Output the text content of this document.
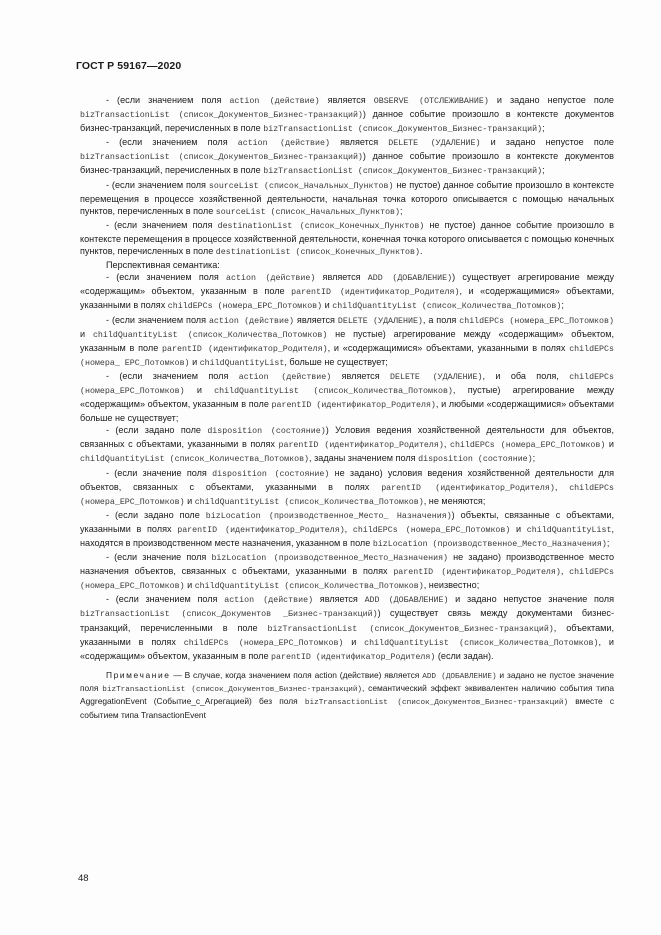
ГОСТ Р 59167—2020

- (если значением поля action (действие) является OBSERVE (ОТСЛЕЖИВАНИЕ) и задано непустое поле bizTransactionList (список_Документов_Бизнес-транзакций)) данное событие произошло в контексте документов бизнес-транзакций, перечисленных в поле bizTransactionList (список_Документов_Бизнес-транзакций);

- (если значением поля action (действие) является DELETE (УДАЛЕНИЕ) и задано непустое поле bizTransactionList (список_Документов_Бизнес-транзакций)) данное событие произошло в контексте документов бизнес-транзакций, перечисленных в поле bizTransactionList (список_Документов_Бизнес-транзакций);

- (если значением поля sourceList (список_Начальных_Пунктов) не пустое) данное событие произошло в контексте перемещения в процессе хозяйственной деятельности, начальная точка которого описывается с помощью начальных пунктов, перечисленных в поле sourceList (список_Начальных_Пунктов);

- (если значением поля destinationList (список_Конечных_Пунктов) не пустое) данное событие произошло в контексте перемещения в процессе хозяйственной деятельности, конечная точка которого описывается с помощью конечных пунктов, перечисленных в поле destinationList (список_Конечных_Пунктов).

Перспективная семантика:

- (если значением поля action (действие) является ADD (ДОБАВЛЕНИЕ)) существует агрегирование между «содержащим» объектом, указанным в поле parentID (идентификатор_Родителя), и «содержащимися» объектами, указанными в полях childEPCs (номера_EPC_Потомков) и childQuantityList (список_Количества_Потомков);

- (если значением поля action (действие) является DELETE (УДАЛЕНИЕ), а поля childEPCs (номера_EPC_Потомков) и childQuantityList (список_Количества_Потомков) не пустые) агрегирование между «содержащим» объектом, указанным в поле parentID (идентификатор_Родителя), и «содержащимися» объектами, указанными в полях childEPCs (номера_ EPC_Потомков) и childQuantityList, больше не существует;

- (если значением поля action (действие) является DELETE (УДАЛЕНИЕ), и оба поля, childEPCs (номера_EPC_Потомков) и childQuantityList (список_Количества_Потомков), пустые) агрегирование между «содержащим» объектом, указанным в поле parentID (идентификатор_Родителя), и любыми «содержащимися» объектами больше не существует;

- (если задано поле disposition (состояние)) Условия ведения хозяйственной деятельности для объектов, связанных с объектами, указанными в полях parentID (идентификатор_Родителя), childEPCs (номера_EPC_Потомков) и childQuantityList (список_Количества_Потомков), заданы значением поля disposition (состояние);

- (если значение поля disposition (состояние) не задано) условия ведения хозяйственной деятельности для объектов, связанных с объектами, указанными в полях parentID (идентификатор_Родителя), childEPCs (номера_EPC_Потомков) и childQuantityList (список_Количества_Потомков), не меняются;

- (если задано поле bizLocation (производственное_Место_ Назначения)) объекты, связанные с объектами, указанными в полях parentID (идентификатор_Родителя), childEPCs (номера_EPC_Потомков) и childQuantityList, находятся в производственном месте назначения, указанном в поле bizLocation (производственное_Место_Назначения);

- (если значение поля bizLocation (производственное_Место_Назначения) не задано) производственное место назначения объектов, связанных с объектами, указанными в полях parentID (идентификатор_Родителя), childEPCs (номера_EPC_Потомков) и childQuantityList (список_Количества_Потомков), неизвестно;

- (если значением поля action (действие) является ADD (ДОБАВЛЕНИЕ) и задано непустое значение поля bizTransactionList (список_Документов _Бизнес-транзакций)) существует связь между документами бизнес-транзакций, перечисленными в поле bizTransactionList (список_Документов_Бизнес-транзакций), объектами, указанными в полях childEPCs (номера_EPC_Потомков) и childQuantityList (список_Количества_Потомков), и «содержащим» объектом, указанным в поле parentID (идентификатор_Родителя) (если задан).

Примечание — В случае, когда значением поля action (действие) является ADD (ДОБАВЛЕНИЕ) и задано не пустое значение поля bizTransactionList (список_Документов_Бизнес-транзакций), семантический эффект эквивалентен наличию события типа AggregationEvent (Событие_с_Агрегацией) без поля bizTransactionList (список_Документов_Бизнес-транзакций) вместе с событием типа TransactionEvent

48
